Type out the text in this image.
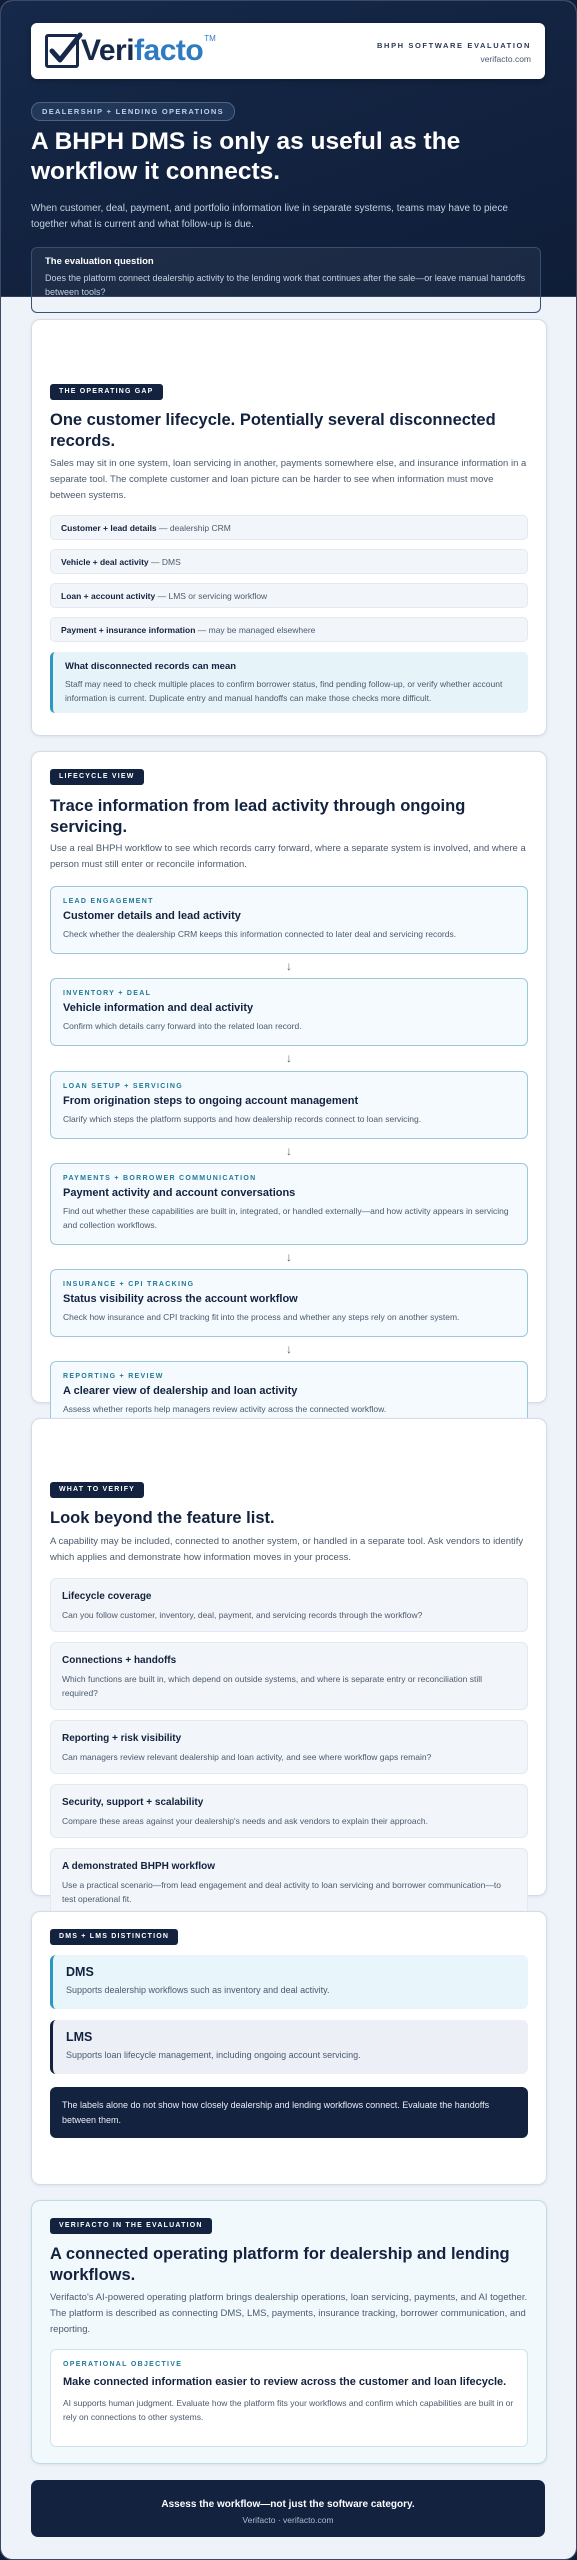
Verifacto TM
BHPH SOFTWARE EVALUATION
verifacto.com
DEALERSHIP + LENDING OPERATIONS
A BHPH DMS is only as useful as the workflow it connects.

When customer, deal, payment, and portfolio information live in separate systems, teams may have to piece together what is current and what follow-up is due.

The evaluation question
Does the platform connect dealership activity to the lending work that continues after the sale—or leave manual handoffs between tools?
THE OPERATING GAP
One customer lifecycle. Potentially several disconnected records.

Sales may sit in one system, loan servicing in another, payments somewhere else, and insurance information in a separate tool. The complete customer and loan picture can be harder to see when information must move between systems.

Customer + lead details — dealership CRM
Vehicle + deal activity — DMS
Loan + account activity — LMS or servicing workflow
Payment + insurance information — may be managed elsewhere
What disconnected records can mean
Staff may need to check multiple places to confirm borrower status, find pending follow-up, or verify whether account information is current. Duplicate entry and manual handoffs can make those checks more difficult.
LIFECYCLE VIEW
Trace information from lead activity through ongoing servicing.

Use a real BHPH workflow to see which records carry forward, where a separate system is involved, and where a person must still enter or reconcile information.

LEAD ENGAGEMENT
Customer details and lead activity
Check whether the dealership CRM keeps this information connected to later deal and servicing records.
↓
INVENTORY + DEAL
Vehicle information and deal activity
Confirm which details carry forward into the related loan record.
↓
LOAN SETUP + SERVICING
From origination steps to ongoing account management
Clarify which steps the platform supports and how dealership records connect to loan servicing.
↓
PAYMENTS + BORROWER COMMUNICATION
Payment activity and account conversations
Find out whether these capabilities are built in, integrated, or handled externally—and how activity appears in servicing and collection workflows.
↓
INSURANCE + CPI TRACKING
Status visibility across the account workflow
Check how insurance and CPI tracking fit into the process and whether any steps rely on another system.
↓
REPORTING + REVIEW
A clearer view of dealership and loan activity
Assess whether reports help managers review activity across the connected workflow.
WHAT TO VERIFY
Look beyond the feature list.

A capability may be included, connected to another system, or handled in a separate tool. Ask vendors to identify which applies and demonstrate how information moves in your process.

Lifecycle coverage
Can you follow customer, inventory, deal, payment, and servicing records through the workflow?
Connections + handoffs
Which functions are built in, which depend on outside systems, and where is separate entry or reconciliation still required?
Reporting + risk visibility
Can managers review relevant dealership and loan activity, and see where workflow gaps remain?
Security, support + scalability
Compare these areas against your dealership's needs and ask vendors to explain their approach.
A demonstrated BHPH workflow
Use a practical scenario—from lead engagement and deal activity to loan servicing and borrower communication—to test operational fit.
DMS + LMS DISTINCTION
DMS
Supports dealership workflows such as inventory and deal activity.
LMS
Supports loan lifecycle management, including ongoing account servicing.
The labels alone do not show how closely dealership and lending workflows connect. Evaluate the handoffs between them.
VERIFACTO IN THE EVALUATION
A connected operating platform for dealership and lending workflows.

Verifacto's AI-powered operating platform brings dealership operations, loan servicing, payments, and AI together. The platform is described as connecting DMS, LMS, payments, insurance tracking, borrower communication, and reporting.

OPERATIONAL OBJECTIVE
Make connected information easier to review across the customer and loan lifecycle.
AI supports human judgment. Evaluate how the platform fits your workflows and confirm which capabilities are built in or rely on connections to other systems.
Assess the workflow—not just the software category.
Verifacto · verifacto.com
